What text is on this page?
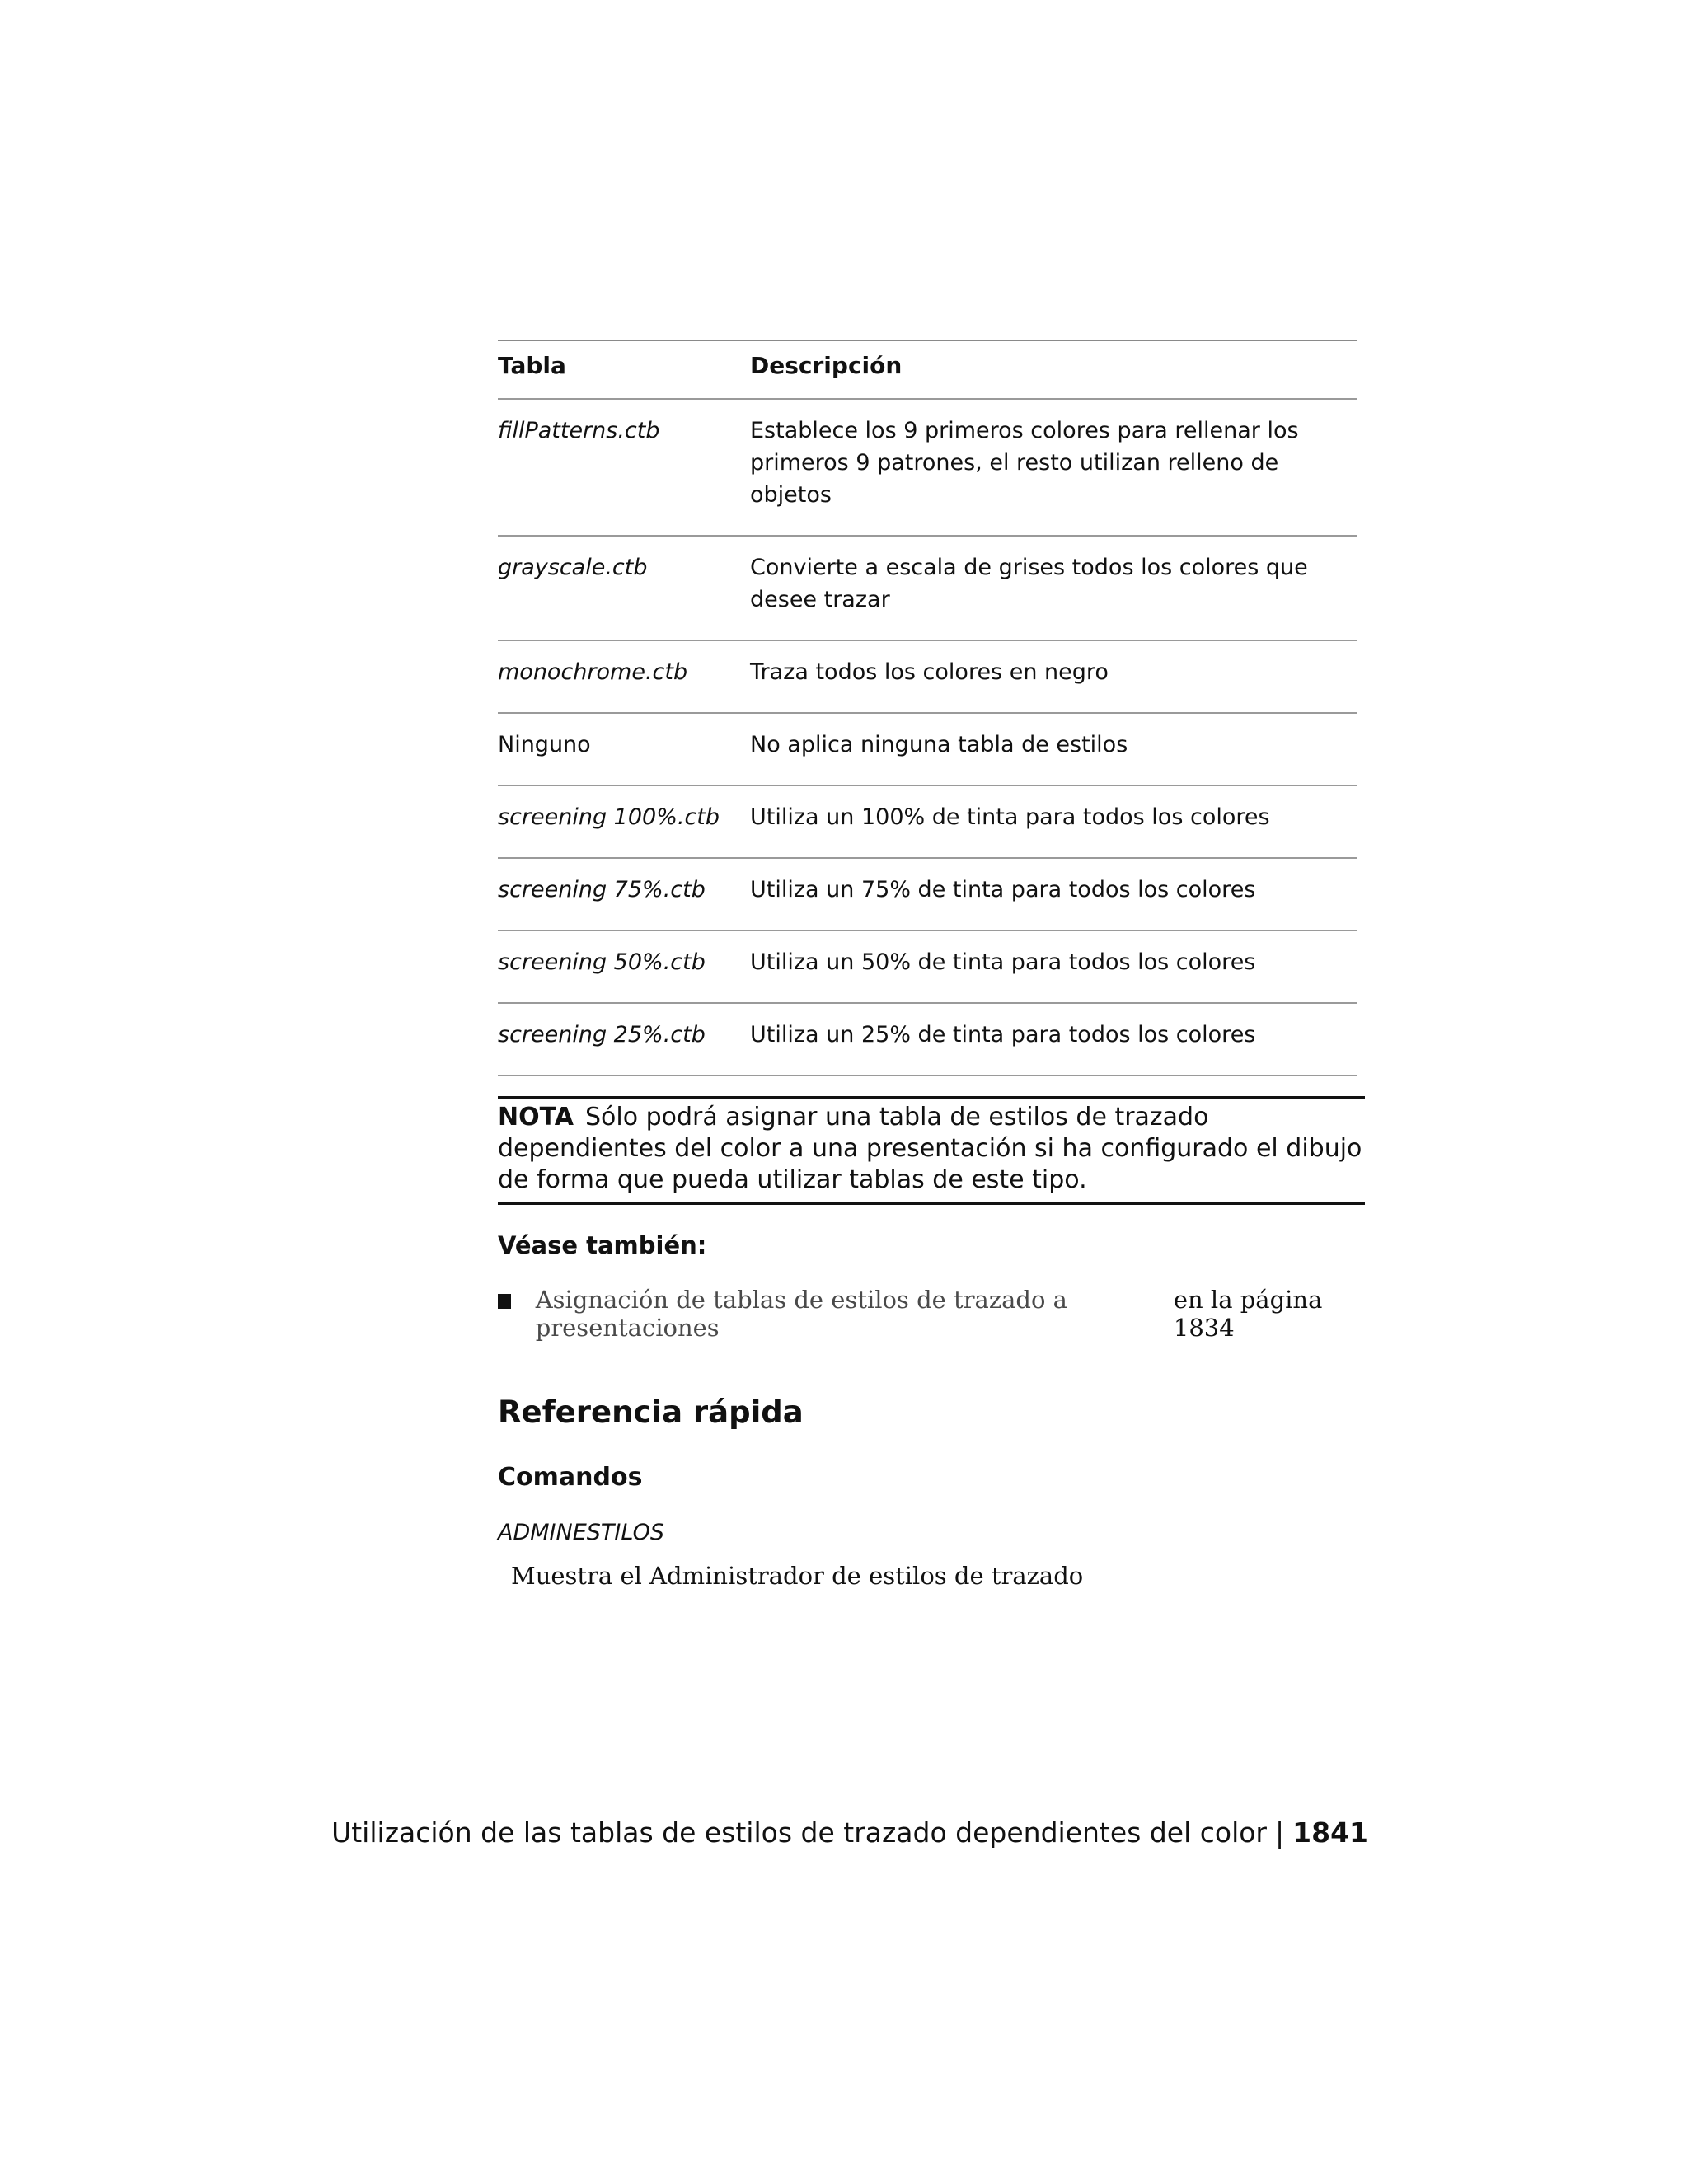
Tabla	Descripción
fillPatterns.ctb	Establece los 9 primeros colores para rellenar los primeros 9 patrones, el resto utilizan relleno de objetos
grayscale.ctb	Convierte a escala de grises todos los colores que desee trazar
monochrome.ctb	Traza todos los colores en negro
Ninguno	No aplica ninguna tabla de estilos
screening 100%.ctb	Utiliza un 100% de tinta para todos los colores
screening 75%.ctb	Utiliza un 75% de tinta para todos los colores
screening 50%.ctb	Utiliza un 50% de tinta para todos los colores
screening 25%.ctb	Utiliza un 25% de tinta para todos los colores
NOTA Sólo podrá asignar una tabla de estilos de trazado dependientes del color a una presentación si ha configurado el dibujo de forma que pueda utilizar tablas de este tipo.
Véase también:
Asignación de tablas de estilos de trazado a presentaciones
en la página 1834
Referencia rápida
Comandos
ADMINESTILOS
Muestra el Administrador de estilos de trazado
Utilización de las tablas de estilos de trazado dependientes del color | 1841
